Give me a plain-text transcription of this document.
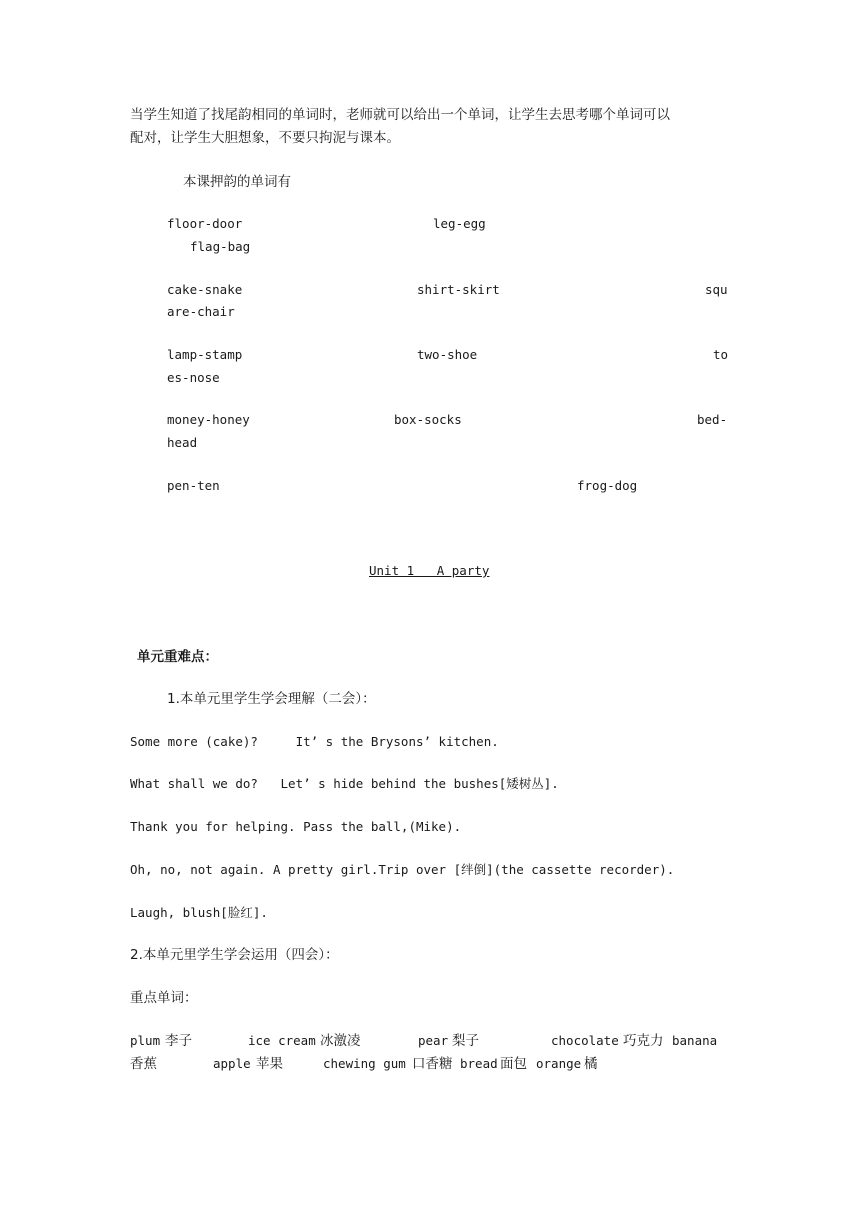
当学生知道了找尾韵相同的单词时，老师就可以给出一个单词，让学生去思考哪个单词可以
配对，让学生大胆想象，不要只拘泥与课本。
本课押韵的单词有
floor-door	leg-egg
flag-bag
cake-snake	shirt-skirt	squ
are-chair
lamp-stamp	two-shoe	to
es-nose
money-honey	box-socks	bed-
head
pen-ten	frog-dog
Unit 1   A party
单元重难点：
1.本单元里学生学会理解（二会）：
Some more (cake)?     It’ s the Brysons’ kitchen.
What shall we do?   Let’ s hide behind the bushes[矮树丛].
Thank you for helping. Pass the ball,(Mike).
Oh, no, not again. A pretty girl.Trip over [绊倒](the cassette recorder).
Laugh, blush[脸红].
2.本单元里学生学会运用（四会）：
重点单词：
plum 李子	ice cream 冰激凌	pear 梨子	chocolate 巧克力 banana
香蕉	apple 苹果	chewing gum 口香糖 bread 面包 orange 橘
